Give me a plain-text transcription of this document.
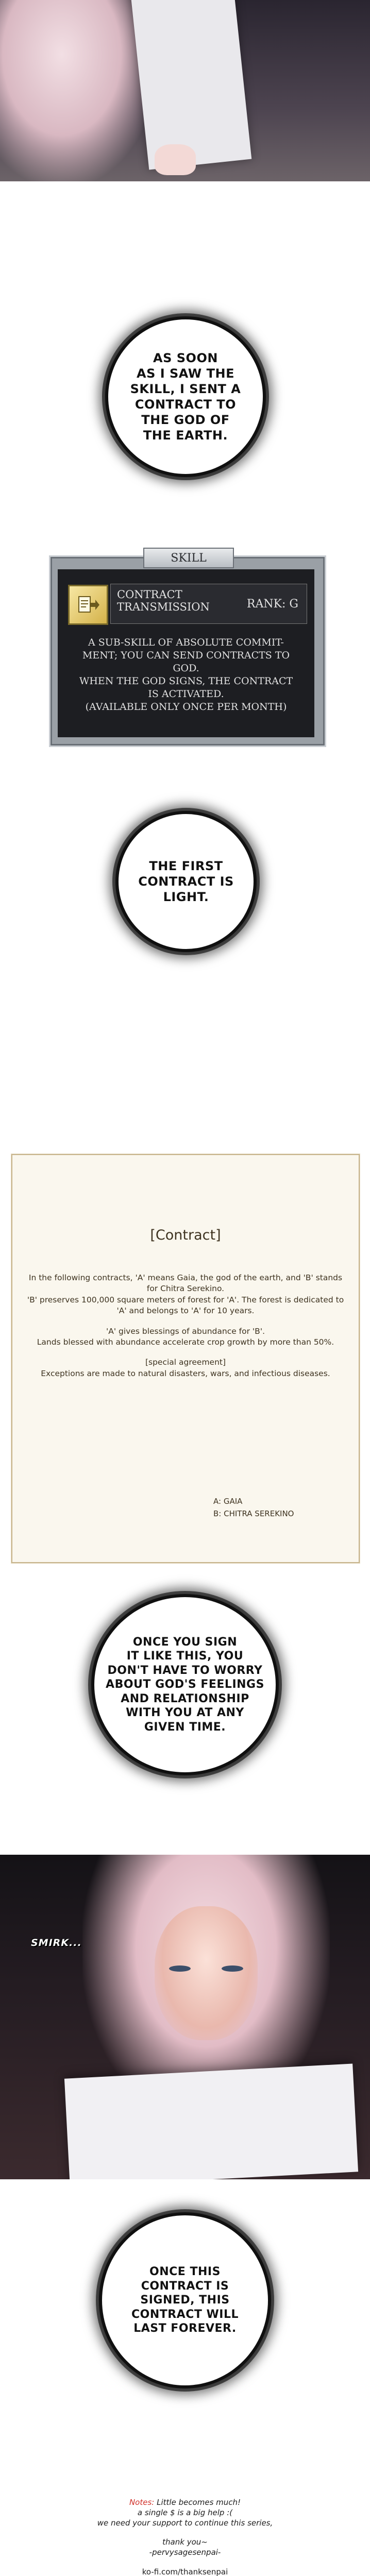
AS SOON
AS I SAW THE
SKILL, I SENT A
CONTRACT TO
THE GOD OF
THE EARTH.
SKILL
CONTRACT
TRANSMISSION	RANK: G

A SUB-SKILL OF ABSOLUTE COMMIT-

MENT; YOU CAN SEND CONTRACTS TO

GOD.

WHEN THE GOD SIGNS, THE CONTRACT

IS ACTIVATED.

(AVAILABLE ONLY ONCE PER MONTH)

THE FIRST
CONTRACT IS
LIGHT.
[Contract]

In the following contracts, 'A' means Gaia, the god of the earth, and 'B' stands for Chitra Serekino.
'B' preserves 100,000 square meters of forest for 'A'. The forest is dedicated to 'A' and belongs to 'A' for 10 years.

'A' gives blessings of abundance for 'B'.
Lands blessed with abundance accelerate crop growth by more than 50%.

[special agreement]
Exceptions are made to natural disasters, wars, and infectious diseases.

A: GAIA
B: CHITRA SEREKINO
ONCE YOU SIGN
IT LIKE THIS, YOU
DON'T HAVE TO WORRY
ABOUT GOD'S FEELINGS
AND RELATIONSHIP
WITH YOU AT ANY
GIVEN TIME.
SMIRK...
ONCE THIS
CONTRACT IS
SIGNED, THIS
CONTRACT WILL
LAST FOREVER.

Notes: Little becomes much!

a single $ is a big help :(

we need your support to continue this series,

thank you~

-pervysagesenpai-

ko-fi.com/thanksenpai
